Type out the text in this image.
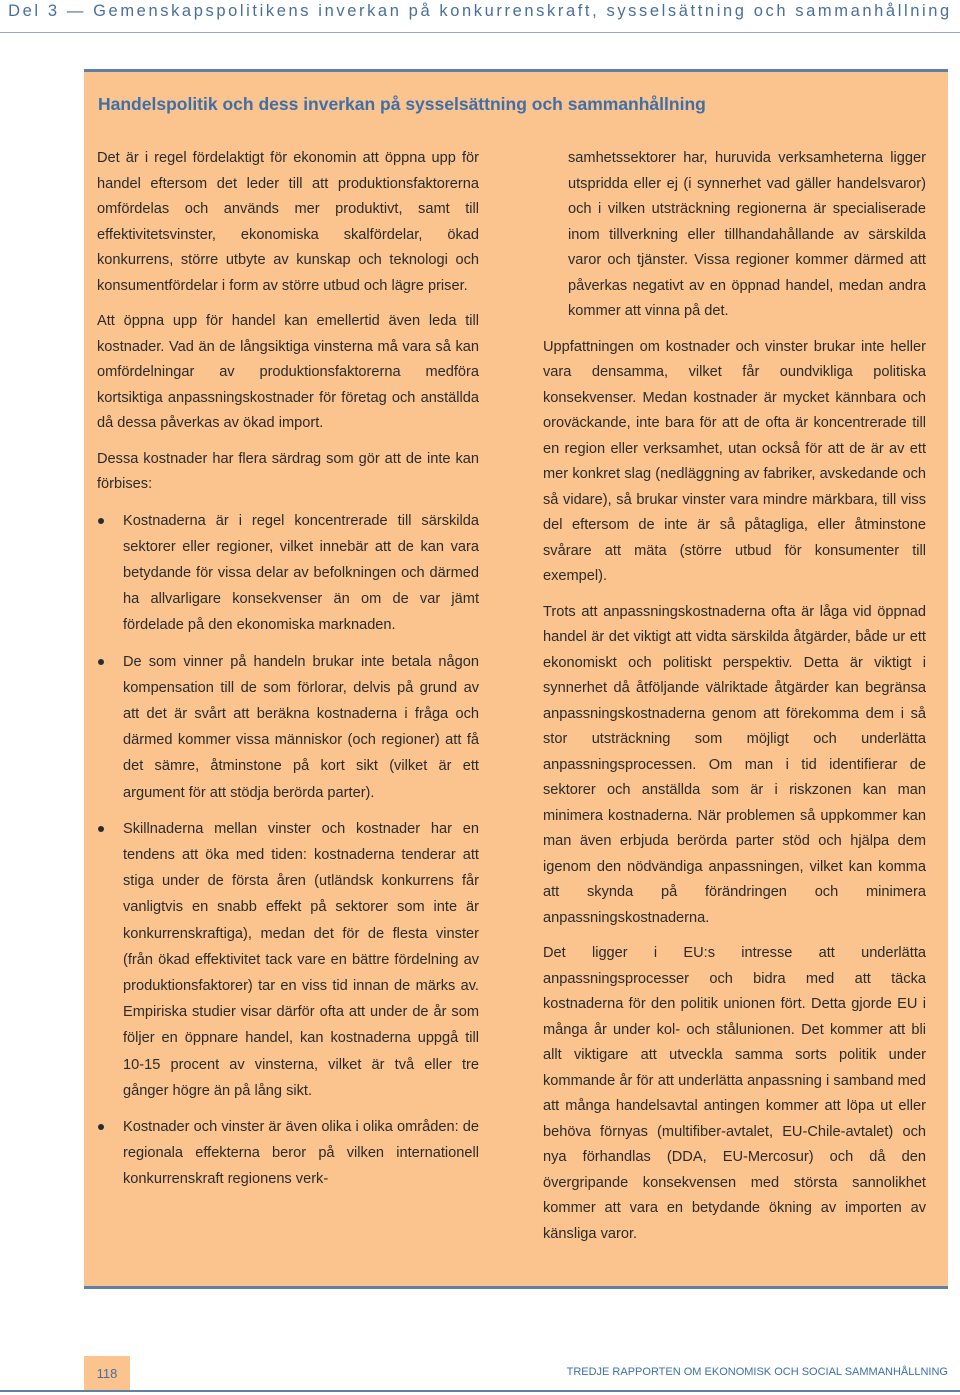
Del 3 — Gemenskapspolitikens inverkan på konkurrenskraft, sysselsättning och sammanhållning
Handelspolitik och dess inverkan på sysselsättning och sammanhållning

Det är i regel fördelaktigt för ekonomin att öppna upp för handel eftersom det leder till att produktionsfaktorerna omfördelas och används mer produktivt, samt till effektivitetsvinster, ekonomiska skalfördelar, ökad konkurrens, större utbyte av kunskap och teknologi och konsumentfördelar i form av större utbud och lägre priser.

Att öppna upp för handel kan emellertid även leda till kostnader. Vad än de långsiktiga vinsterna må vara så kan omfördelningar av produktionsfaktorerna medföra kortsiktiga anpassningskostnader för företag och anställda då dessa påverkas av ökad import.

Dessa kostnader har flera särdrag som gör att de inte kan förbises:

Kostnaderna är i regel koncentrerade till särskilda sektorer eller regioner, vilket innebär att de kan vara betydande för vissa delar av befolkningen och därmed ha allvarligare konsekvenser än om de var jämt fördelade på den ekonomiska marknaden.
De som vinner på handeln brukar inte betala någon kompensation till de som förlorar, delvis på grund av att det är svårt att beräkna kostnaderna i fråga och därmed kommer vissa människor (och regioner) att få det sämre, åtminstone på kort sikt (vilket är ett argument för att stödja berörda parter).
Skillnaderna mellan vinster och kostnader har en tendens att öka med tiden: kostnaderna tenderar att stiga under de första åren (utländsk konkurrens får vanligtvis en snabb effekt på sektorer som inte är konkurrenskraftiga), medan det för de flesta vinster (från ökad effektivitet tack vare en bättre fördelning av produktionsfaktorer) tar en viss tid innan de märks av. Empiriska studier visar därför ofta att under de år som följer en öppnare handel, kan kostnaderna uppgå till 10-15 procent av vinsterna, vilket är två eller tre gånger högre än på lång sikt.
Kostnader och vinster är även olika i olika områden: de regionala effekterna beror på vilken internationell konkurrenskraft regionens verk-

samhetssektorer har, huruvida verksamheterna ligger utspridda eller ej (i synnerhet vad gäller handelsvaror) och i vilken utsträckning regionerna är specialiserade inom tillverkning eller tillhandahållande av särskilda varor och tjänster. Vissa regioner kommer därmed att påverkas negativt av en öppnad handel, medan andra kommer att vinna på det.

Uppfattningen om kostnader och vinster brukar inte heller vara densamma, vilket får oundvikliga politiska konsekvenser. Medan kostnader är mycket kännbara och oroväckande, inte bara för att de ofta är koncentrerade till en region eller verksamhet, utan också för att de är av ett mer konkret slag (nedläggning av fabriker, avskedande och så vidare), så brukar vinster vara mindre märkbara, till viss del eftersom de inte är så påtagliga, eller åtminstone svårare att mäta (större utbud för konsumenter till exempel).

Trots att anpassningskostnaderna ofta är låga vid öppnad handel är det viktigt att vidta särskilda åtgärder, både ur ett ekonomiskt och politiskt perspektiv. Detta är viktigt i synnerhet då åtföljande välriktade åtgärder kan begränsa anpassningskostnaderna genom att förekomma dem i så stor utsträckning som möjligt och underlätta anpassningsprocessen. Om man i tid identifierar de sektorer och anställda som är i riskzonen kan man minimera kostnaderna. När problemen så uppkommer kan man även erbjuda berörda parter stöd och hjälpa dem igenom den nödvändiga anpassningen, vilket kan komma att skynda på förändringen och minimera anpassningskostnaderna.

Det ligger i EU:s intresse att underlätta anpassningsprocesser och bidra med att täcka kostnaderna för den politik unionen fört. Detta gjorde EU i många år under kol- och stålunionen. Det kommer att bli allt viktigare att utveckla samma sorts politik under kommande år för att underlätta anpassning i samband med att många handelsavtal antingen kommer att löpa ut eller behöva förnyas (multifiber-avtalet, EU-Chile-avtalet) och nya förhandlas (DDA, EU-Mercosur) och då den övergripande konsekvensen med största sannolikhet kommer att vara en betydande ökning av importen av känsliga varor.

118	TREDJE RAPPORTEN OM EKONOMISK OCH SOCIAL SAMMANHÅLLNING
